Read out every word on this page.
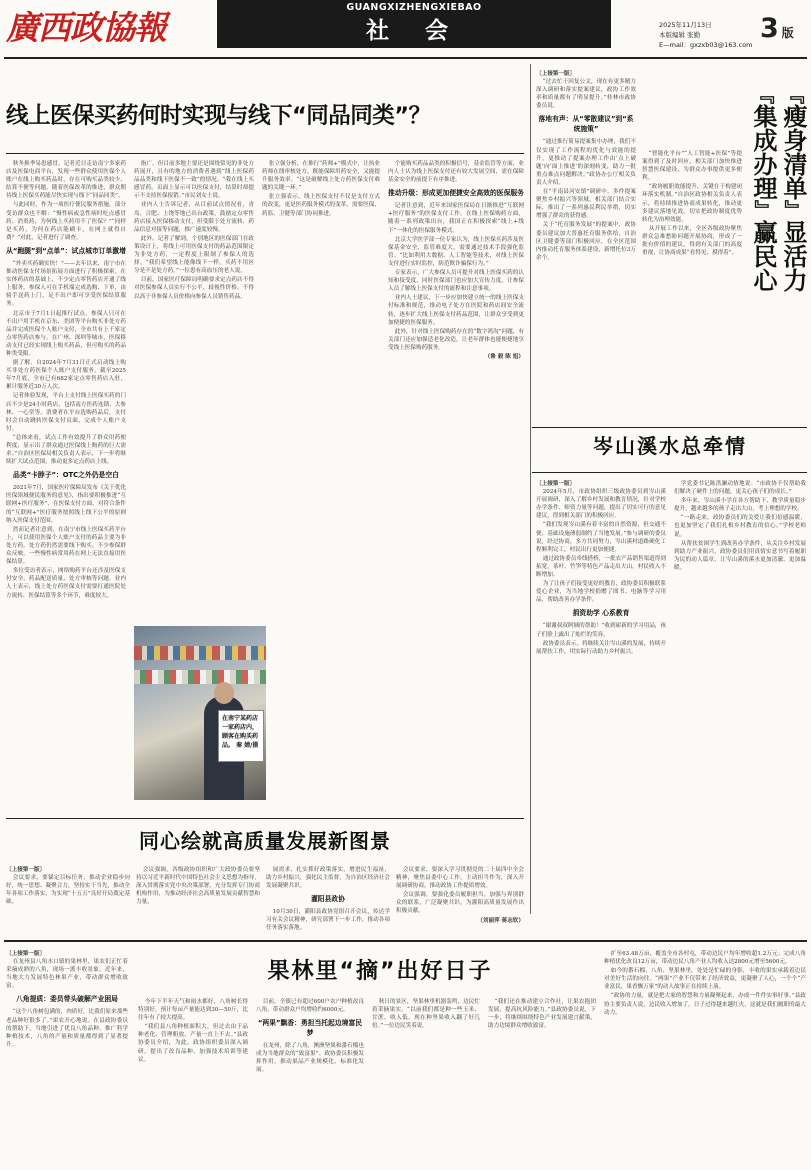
廣西政協報
GUANGXIZHENGXIEBAO
社 会	2025年11月13日
本版编辑 张勤
E—mail：gxzxb03@163.com
3 版
线上医保买药何时实现与线下“同品同类”？

秋冬换季易患感冒。记者近日走访南宁多家药店及医保电商平台，发现一些群众使用医保个人账户在线上购买药品时，存在可购买品类较少、结算不便等问题。随着医保改革的推进，群众期待线上医保买药能尽快实现与线下“同品同类”。

与此同时，作为一项医疗便民服务措施，部分受访群众也不解：“慢性病或急性病时吃点感冒药、消炎药，为何线上买药用不了医保？”“同样是买药，为何在药店能刷卡，在网上就得自费？”对此，记者进行了调查。

从“跑腿”到“点单”：试点城市订单激增

“外卖买药确实快！”——去年以来，南宁市在推动医保支付场景拓展方面进行了积极探索。在实体药店的基础上，不少定点零售药店开通了线上服务，参保人可在手机端完成选购、下单，由骑手送药上门，足不出户即可享受医保结算服务。

北京市于7月1日起推行试点，参保人只可在不出户用手机在京东、美团等平台购买非处方药品并完成医保个人账户支付，全市共有上千家定点零售药店参与。在广州、深圳等城市，医保移动支付已经实现线上购买药品，但可购买的药品种类受限。

据了解，自2024年7月31日正式启动线上购买非处方药医保个人账户支付服务。截至2025年7月底，全市已有682家定点零售药店入驻，累计服务近30万人次。

记者体验发现，平台上支付线上医保买药的门店不少是24小时药店，包括南方医药连锁、大参林、一心堂等。消费者在平台选购药品后，支付时会自动跳转医保支付页面，完成个人账户支付。

“总体来看，试点工作有效提升了群众用药便利度，显示出了群众通过医保线上购药的巨大需求。”自治区医保局相关负责人表示，下一步将继续扩大试点范围，推动更多定点药店上线。

品类“卡脖子”：OTC之外仍是空白

2021年7月，国家医疗保障局发布《关于优化医保领域便民服务的意见》，指出要积极推进“互联网+医疗服务”，在医保支付方面，对符合条件的“互联网+”医疗服务按照线上线下公平的原则纳入医保支付范围。

然而记者注意到，在南宁市线上医保买药平台上，可以使用医保个人账户支付的药品主要为非处方药，处方药仍然需要线下购买。不少参保群众反映，一些慢性病常用药在网上无法直接用医保结算。

多位受访者表示，网络购药平台还涉及医保支付安全、药品配送质量、处方审核等问题。业内人士表示，线上处方药医保支付需要打通医院处方流转、医保结算等多个环节，难度较大。

指广。但目前多地主要还是围绕常见的非处方药展开，且有的地方的消费者遇到“线上医保药品品类和线下医保不一致”的情况。“我在线上买感冒药，页面上显示可以医保支付，结算时却提示不支持医保报销。”市民刘女士说。

业内人士告诉记者，从目前试点情况看，青岛、合肥、上饶等地已出台政策，鼓励定点零售药店接入医保移动支付，但受限于处方流转、药品信息对接等问题，推广速度较慢。

此外，记者了解到，个别地区的医保部门在政策设计上，将线上可用医保支付的药品范围限定为非处方药，一定程度上限制了参保人的选择。“我们希望线上能像线下一样，买药不用区分是不是处方药。”一位患有高血压的老人说。

目前，国家医疗保障局明确要求定点药店不得对医保参保人员实行不公平、歧视性价格。不得以高于非参保人员价格向参保人员销售药品。

在南宁某药店一家药店内，顾客在购买药品。 秦 婧/摄

张立强分析，在推行“药师+”模式中，让执业药师在线审核处方，既能保障用药安全，又能提升服务效率。“这是破解线上处方药医保支付难题的关键一环。”

张立强表示，线上医保支付不仅是支付方式的改变，更是医药服务模式的变革，需要医保、药监、卫健等部门协同推进。

个能购买药品品类的积极信号，基金监管等方面，业内人士认为线上医保支付还有较大发展空间，需在保障基金安全的前提下有序推进。

推动升级：形成更加便捷安全高效的医保服务

记者注意到，近年来国家医保局在日渐推进“互联网+医疗服务”的医保支付工作。在线上医保购药方面，随着一系列政策出台，我国正在积极探索“线上+线下”一体化的医保服务模式。

北京大学医学部一位专家认为，线上医保买药涉及医保基金安全，监管难度大，需要通过技术手段强化监管。“比如利用大数据、人工智能等技术，对线上医保支付进行实时监控，防范欺诈骗保行为。”

专家表示，广大参保人员可提升对线上医保买药的认知和接受度，同时医保部门也应加大宣传力度，让参保人员了解线上医保支付的流程和注意事项。

业内人士建议，下一步应加快建立统一的线上医保支付标准和规范，推动电子处方在医院和药店间安全流转，逐步扩大线上医保支付药品范围，让群众享受到更加便捷的医保服务。

此外，针对线上医保购药存在的“数字鸿沟”问题，有关部门还应加强适老化改造，让老年群体也能便捷地享受线上医保购药服务。

（鲁 毅 陈 旭）
『瘦身清单』显活力
『集成办理』赢民心
〔上接第一版〕

“过去忙于回复公文，现在有更多精力深入调研和落实提案建议，政协工作效率和质量都有了明显提升。”桂林市政协委员说。

落地有声：从“零散建议”到“系统施策”

“通过推行简易提案集中办理，我们不仅实现了工作流程的优化与效能的提升，更推动了提案办理工作由‘点上破题’向‘面上推进’的深刻转变，助力一批重点难点问题解决。”政协办公厅相关负责人介绍。

在“平南县河安镇”调研中，多件提案聚焦乡村振兴等领域，相关部门结合实际，推出了一系列惠民利民举措，切实增强了群众的获得感。

关于“托育服务发展”的提案中，政协委员建议加大普惠托育服务供给，自治区卫健委等部门积极回应，在全区范围内推动托育服务体系建设，新增托位3万余个。

“智能化平台”“人工智能+医保”等提案得到了及时回应，相关部门加快推进智慧医保建设，为群众办事提供更多便利。

“政协履职效能提升，关键在于构建闭环落实机制。”自治区政协相关负责人表示，将持续推进协商成果转化，推动更多建议落地见效，切实把政协制度优势转化为治理效能。

从开展工作以来，全区各级政协聚焦群众急难愁盼问题开展协商，形成了一批有价值的建议，得到有关部门的高度重视，让协商成果“看得见、摸得着”。

岑山溪水总牵情
〔上接第一版〕

2024年5月，市政协组织三级政协委员到岑山溪开展调研，深入了解乡村发展和教育情况，针对学校办学条件、师资力量等问题，提出了切实可行的意见建议，得到相关部门的积极回应。

“我们发现岑山溪有着丰富的自然资源，但交通不便、基础设施薄弱制约了当地发展。”参与调研的委员说，经过协商，多方共同努力，岑山溪村道路硬化工程顺利完工，村民出行更加便捷。

通过政协委员牵线搭桥，一批农产品销售渠道得到拓宽，茶叶、竹笋等特色产品走出大山，村民收入不断增加。

为了让孩子们接受更好的教育，政协委员积极联系爱心企业，为当地学校捐赠了图书、电脑等学习用品，帮助改善办学条件。

捐资助学 心系教育

“谢谢叔叔阿姨的帮助！”收到崭新的学习用品，孩子们脸上露出了灿烂的笑容。

政协委员表示，将继续关注岑山溪的发展，持续开展帮扶工作，用实际行动助力乡村振兴。

学党委书记陈洪澜动情地说：“市政协不仅帮助我们解决了硬件上的问题，更关心孩子们的成长。”

多年来，岑山溪小学在各方帮助下，教学质量稳步提升，越来越多的孩子走出大山，考上理想的学校。

“一路走来，政协委员们的关爱让我们倍感温暖，也更加坚定了我们扎根乡村教育的信心。”学校老师说。

从帮扶贫困学生到改善办学条件，从关注乡村发展到助力产业振兴，政协委员们用真情实意书写着履职为民的动人篇章，让岑山溪的溪水更加清澈、更加温暖。

同心绘就高质量发展新图景
〔上接第一版〕

会议要求，要锚定目标任务，推动企业稳步向好，统一思想、凝聚合力，坚持实干当先，推动全年各项工作落实，为实现“十五五”良好开局奠定基础。

会议强调，各级政协组织和广大政协委员要坚持以习近平新时代中国特色社会主义思想为指导，深入贯彻落实党中央决策部署，充分发挥专门协商机构作用，为推动经济社会高质量发展贡献智慧和力量。

展需求，扎实抓好政策落实，增进民生福祉，助力乡村振兴，强化民主监督，为自治区经济社会发展凝聚共识。

灌阳县政协

10月30日，灌阳县政协党组召开会议，传达学习有关会议精神，研究部署下一步工作，推动各项任务落实落地。

会议要求，要深入学习贯彻党的二十届四中全会精神，聚焦县委中心工作，主动担当作为，深入开展调研协商，推动政协工作提质增效。

会议强调，要强化委员履职担当，加强与界别群众的联系，广泛凝聚共识，为灌阳高质量发展作出积极贡献。

（刘丽萍 蒋志钦）
果林里“摘”出好日子
〔上接第一版〕

在龙州县八角水口镇的果林里，果农们正忙着采摘成熟的八角，现场一派丰收景象。近年来，当地大力发展特色林果产业，带动群众增收致富。

八角提质：委员带头破解产业困局

“这个八角树包满的，肉质好，比我们原来那些老品种好很多了。”果农开心地说。在县政协委员的帮助下，当地引进了优良八角品种，推广科学种植技术，八角的产量和质量都得到了显著提升。

今年下半年天气和雨水都好，八角树长得特别好，预计每亩产量能达到30—50斤，比往年有了较大提高。

“我们县八角种植面积大，但过去由于品种老化、管理粗放，产量一直上不去。”县政协委员介绍，为此，政协组织委员深入调研，提出了改良品种、加强技术培训等建议。

目前，全镇已有超过600户农户种植改良八角，带动群众户均增收约6000元。

“两果”飘香：勇担当托起边境富民梦

在龙州，除了八角，澳洲坚果和番石榴也成为当地群众的“致富果”。政协委员积极发挥作用，推动果品产业规模化、标准化发展。

秋日的景区，坚果林里机器轰鸣，边民忙着采摘果实。“以前我们都是种一些玉米、甘蔗，收入低，现在种坚果收入翻了好几倍。”一位边民笑着说。

“我们还在推动建立合作社，让果农抱团发展，提高抗风险能力。”县政协委员说，下一步，将继续围绕特色产业发展建言献策，助力边境群众增收致富。

扩至63.48万亩，覆盖全市各村屯，带动边民户均年增收超1.2万元；完成八角种植优化改良12万亩，带动边民八角产业人均收入达2800元增至5600元。

如今的番石榴、八角、坚果林里，处处是忙碌的身影，丰收的果实承载着边民对美好生活的向往。“两果”产业不仅带来了经济效益，更凝聚了人心，一个个“产业富民、果香飘万家”的动人故事正在持续上演。

“政协的力量，就是把大家的智慧和力量凝聚起来，办成一件件实事好事。”县政协主要负责人说，边民收入增加了，日子过得越来越红火，这就是我们履职的最大动力。
